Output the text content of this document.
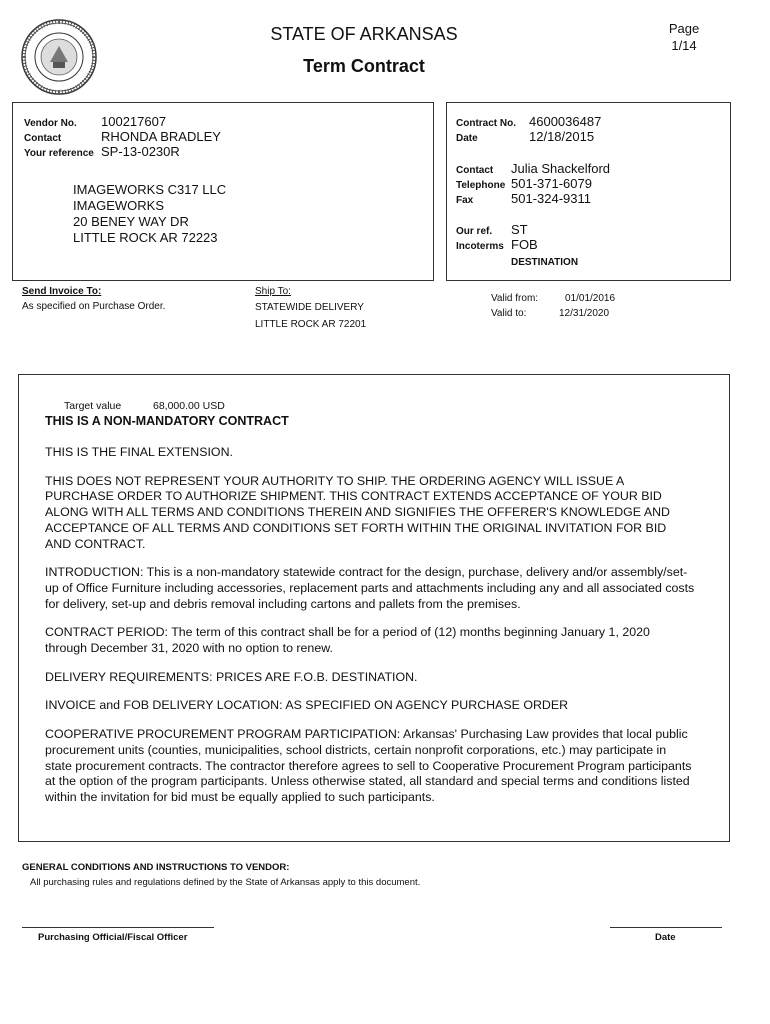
STATE OF ARKANSAS
Term Contract
Page
1/14
Vendor No. 100217607
Contact	RHONDA BRADLEY
Your reference SP-13-0230R
IMAGEWORKS C317 LLC
IMAGEWORKS
20 BENEY WAY DR
LITTLE ROCK AR 72223
Contract No. 4600036487
Date	12/18/2015
Contact Julia Shackelford
Telephone 501-371-6079
Fax	501-324-9311
Our ref. ST
Incoterms FOB
DESTINATION
Send Invoice To:
As specified on Purchase Order.
Ship To:
STATEWIDE DELIVERY
LITTLE ROCK AR 72201
Valid from:	01/01/2016
Valid to:	12/31/2020
Target value	68,000.00 USD
THIS IS A NON-MANDATORY CONTRACT

THIS IS THE FINAL EXTENSION.

THIS DOES NOT REPRESENT YOUR AUTHORITY TO SHIP. THE ORDERING AGENCY WILL ISSUE A PURCHASE ORDER TO AUTHORIZE SHIPMENT. THIS CONTRACT EXTENDS ACCEPTANCE OF YOUR BID ALONG WITH ALL TERMS AND CONDITIONS THEREIN AND SIGNIFIES THE OFFERER'S KNOWLEDGE AND ACCEPTANCE OF ALL TERMS AND CONDITIONS SET FORTH WITHIN THE ORIGINAL INVITATION FOR BID AND CONTRACT.

INTRODUCTION: This is a non-mandatory statewide contract for the design, purchase, delivery and/or assembly/set-up of Office Furniture including accessories, replacement parts and attachments including any and all associated costs for delivery, set-up and debris removal including cartons and pallets from the premises.

CONTRACT PERIOD: The term of this contract shall be for a period of (12) months beginning January 1, 2020 through December 31, 2020 with no option to renew.

DELIVERY REQUIREMENTS: PRICES ARE F.O.B. DESTINATION.

INVOICE and FOB DELIVERY LOCATION: AS SPECIFIED ON AGENCY PURCHASE ORDER

COOPERATIVE PROCUREMENT PROGRAM PARTICIPATION: Arkansas' Purchasing Law provides that local public procurement units (counties, municipalities, school districts, certain nonprofit corporations, etc.) may participate in state procurement contracts. The contractor therefore agrees to sell to Cooperative Procurement Program participants at the option of the program participants. Unless otherwise stated, all standard and special terms and conditions listed within the invitation for bid must be equally applied to such participants.

GENERAL CONDITIONS AND INSTRUCTIONS TO VENDOR:
All purchasing rules and regulations defined by the State of Arkansas apply to this document.
Purchasing Official/Fiscal Officer	Date
